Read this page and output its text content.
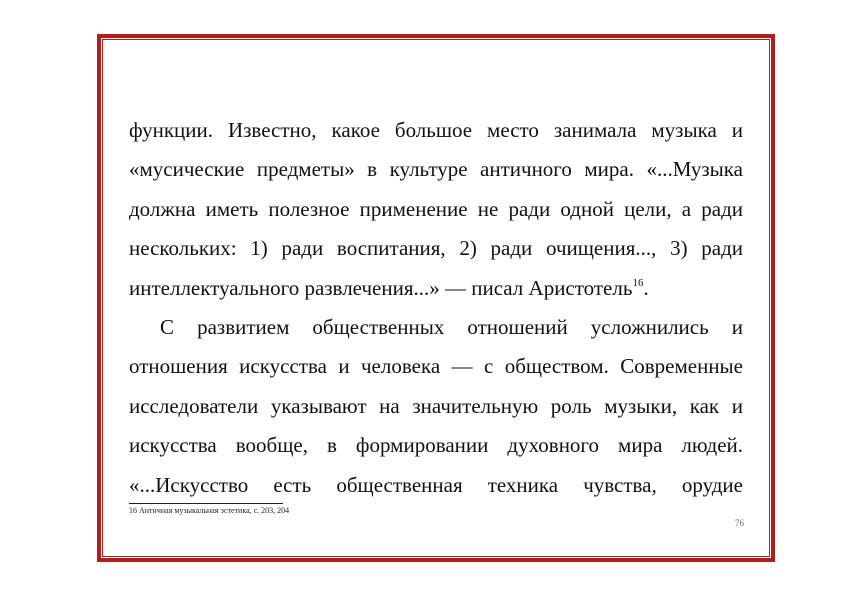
функции. Известно, какое большое место занимала музыка и
«мусические предметы» в культуре античного мира. «...Музыка
должна иметь полезное применение не ради одной цели, а ради
нескольких: 1) ради воспитания, 2) ради очищения..., 3) ради
интеллектуального развлечения...» — писал Аристотель$^{16}$.
С развитием общественных отношений усложнились и
отношения искусства и человека — с обществом. Современные
исследователи указывают на значительную роль музыки, как и
искусства вообще, в формировании духовного мира людей.
«...Искусство есть общественная техника чувства, орудие
16 Античная музыкальная эстетика, с. 203, 204
76
